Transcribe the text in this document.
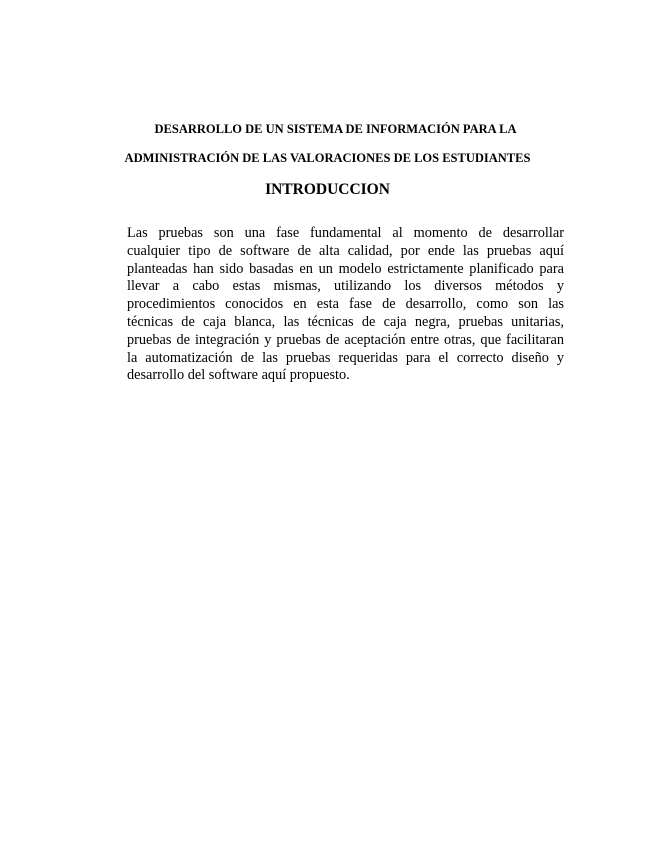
DESARROLLO DE UN SISTEMA DE INFORMACIÓN PARA LA
ADMINISTRACIÓN DE LAS VALORACIONES DE LOS ESTUDIANTES
INTRODUCCION
Las pruebas son una fase fundamental al momento de desarrollar
cualquier tipo de software de alta calidad, por ende las pruebas aquí
planteadas han sido basadas en un modelo estrictamente planificado para
llevar a cabo estas mismas, utilizando los diversos métodos y
procedimientos conocidos en esta fase de desarrollo, como son las
técnicas de caja blanca, las técnicas de caja negra, pruebas unitarias,
pruebas de integración y pruebas de aceptación entre otras, que facilitaran
la automatización de las pruebas requeridas para el correcto diseño y
desarrollo del software aquí propuesto.
